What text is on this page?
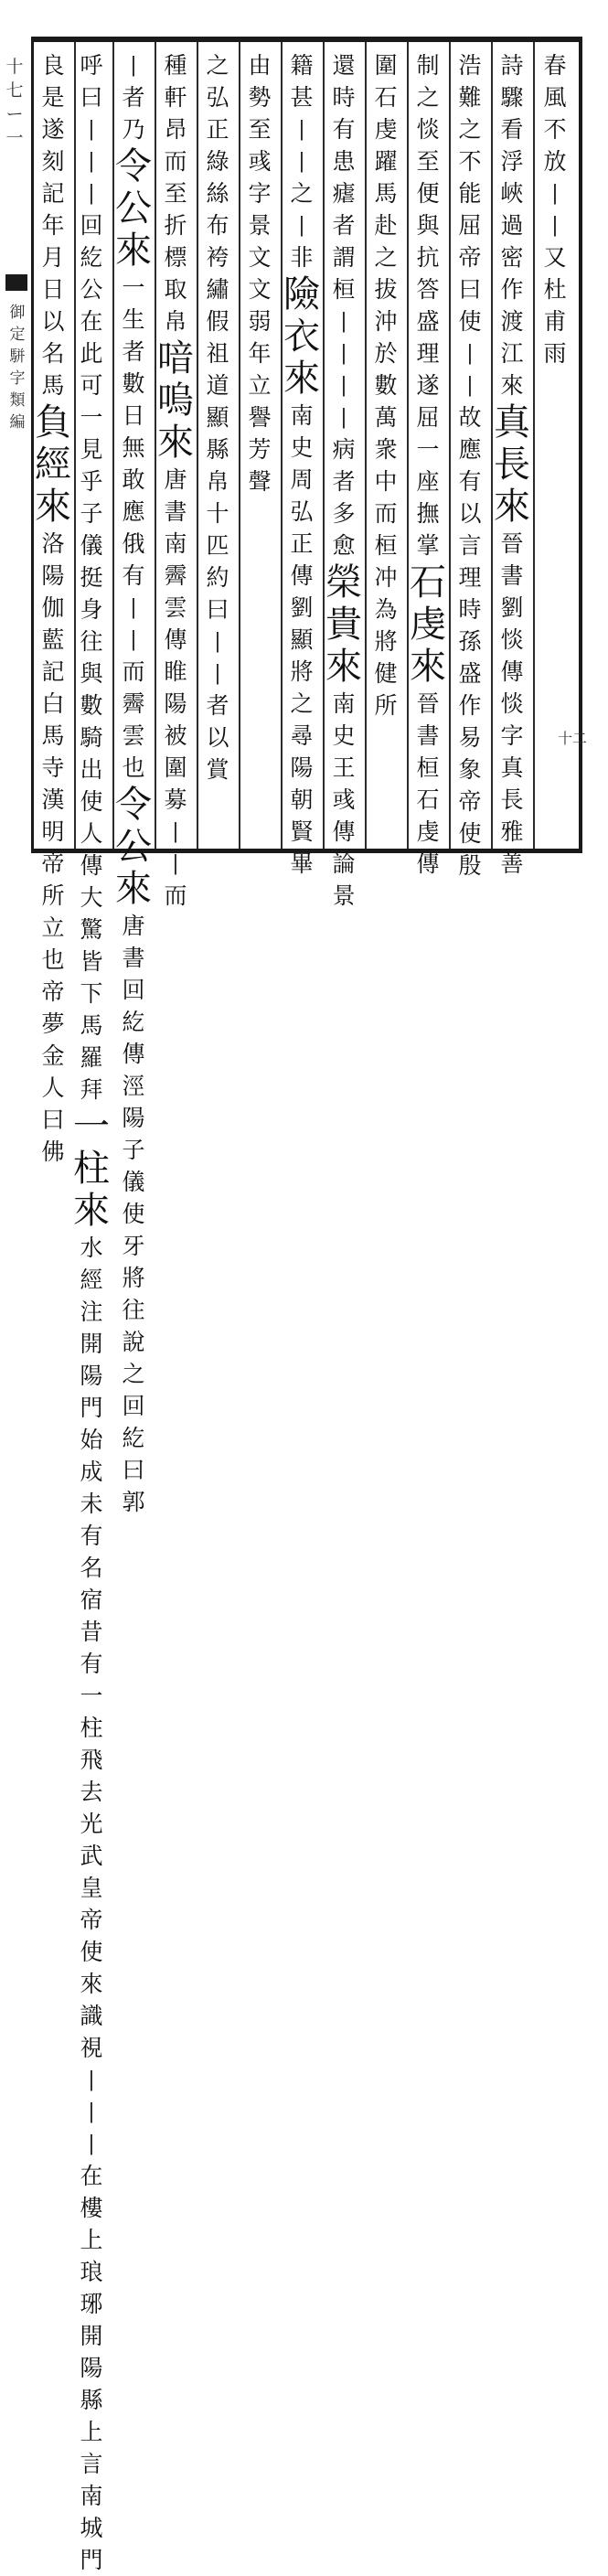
十
七
ー
一
御
定
駢
字
類
編
十二
春
風
不
放
|
|
又
杜
甫
雨
詩
驟
看
浮
峽
過
密
作
渡
江
來
真
長
來
晉
書
劉
惔
傳
惔
字
真
長
雅
善
浩
難
之
不
能
屈
帝
曰
使
|
|
故
應
有
以
言
理
時
孫
盛
作
易
象
帝
使
殷
制
之
惔
至
便
與
抗
答
盛
理
遂
屈
一
座
撫
掌
石
虔
來
晉
書
桓
石
虔
傳
圍
石
虔
躍
馬
赴
之
拔
沖
於
數
萬
衆
中
而
桓
冲
為
將
健
所
還
時
有
患
瘧
者
謂
桓
|
|
|
|
病
者
多
愈
榮
貴
來
南
史
王
彧
傳
論
景
籍
甚
|
|
之
|
非
險
衣
來
南
史
周
弘
正
傳
劉
顯
將
之
尋
陽
朝
賢
畢
由
勢
至
彧
字
景
文
文
弱
年
立
譽
芳
聲
之
弘
正
綠
絲
布
袴
繡
假
祖
道
顯
縣
帛
十
匹
約
曰
|
|
者
以
賞
種
軒
昂
而
至
折
標
取
帛
喑
嗚
來
唐
書
南
霽
雲
傳
睢
陽
被
圍
募
|
|
而
|
者
乃
令
公
來
一
生
者
數
日
無
敢
應
俄
有
|
|
而
霽
雲
也
令
公
來
唐
書
回
紇
傳
涇
陽
子
儀
使
牙
將
往
說
之
回
紇
曰
郭
呼
曰
|
|
|
回
紇
公
在
此
可
一
見
乎
子
儀
挺
身
往
與
數
騎
出
使
人
傳
大
驚
皆
下
馬
羅
拜
一
柱
來
水
經
注
開
陽
門
始
成
未
有
名
宿
昔
有
一
柱
飛
去
光
武
皇
帝
使
來
識
視
|
|
|
在
樓
上
琅
琊
開
陽
縣
上
言
南
城
門
良
是
遂
刻
記
年
月
日
以
名
馬
負
經
來
洛
陽
伽
藍
記
白
馬
寺
漢
明
帝
所
立
也
帝
夢
金
人
曰
佛
